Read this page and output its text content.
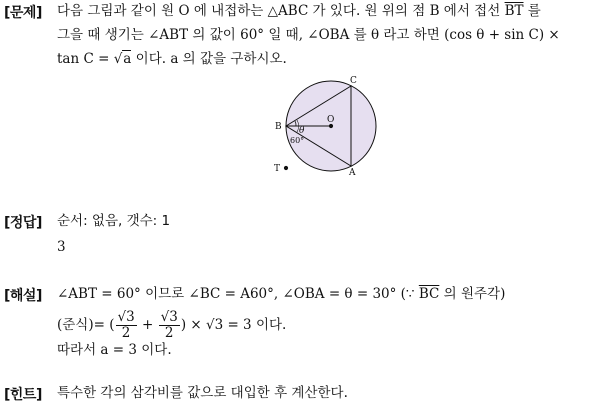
[문제] 다음 그림과 같이 원 O 에 내접하는 △ABC 가 있다. 원 위의 점 B 에서 접선 $\overline{BT}$ 를
그을 때 생기는 ∠ABT 의 값이 60° 일 때, ∠OBA 를 θ 라고 하면 (cos θ + sin C) ×
tan C = √a 이다. a 의 값을 구하시오.
C
B
O
θ
60°
T	A
[정답] 순서: 없음, 갯수: 1
3
[해설] ∠ABT = 60° 이므로 ∠BC = A60°, ∠OBA = θ = 30° (∵ $\overline{BC}$ 의 원주각)
(준식)= ( $\frac{√3}{2} + \frac{√3}{2}$ ) × √3 = 3 이다.
따라서 a = 3 이다.
[힌트] 특수한 각의 삼각비를 값으로 대입한 후 계산한다.
